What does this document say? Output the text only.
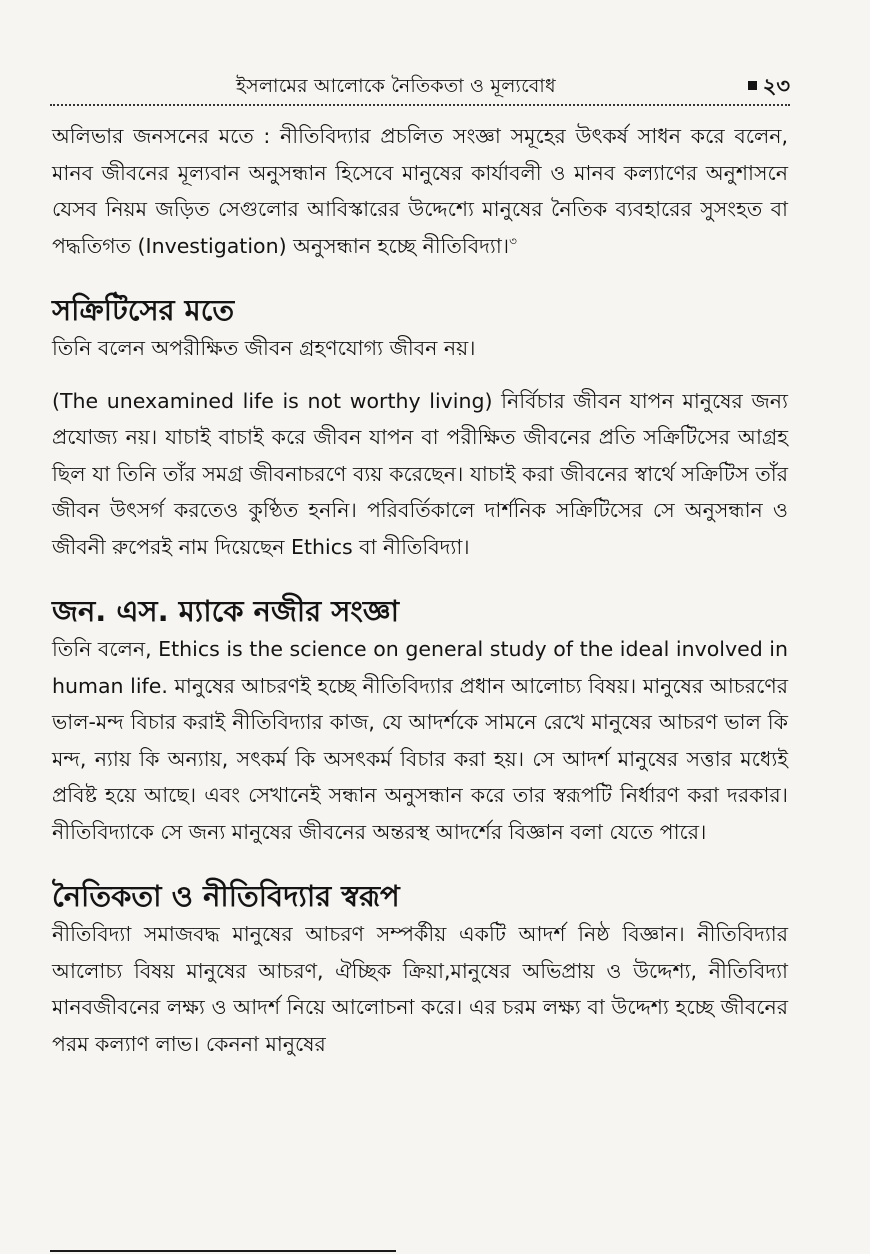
ইসলামের আলোকে নৈতিকতা ও মূল্যবোধ	২৩

অলিভার জনসনের মতে : নীতিবিদ্যার প্রচলিত সংজ্ঞা সমূহের উৎকর্ষ সাধন করে বলেন, মানব জীবনের মূল্যবান অনুসন্ধান হিসেবে মানুষের কার্যাবলী ও মানব কল্যাণের অনুশাসনে যেসব নিয়ম জড়িত সেগুলোর আবিস্কারের উদ্দেশ্যে মানুষের নৈতিক ব্যবহারের সুসংহত বা পদ্ধতিগত (Investigation) অনুসন্ধান হচ্ছে নীতিবিদ্যা।$^৩$

সক্রিটিসের মতে

তিনি বলেন অপরীক্ষিত জীবন গ্রহণযোগ্য জীবন নয়।

(The unexamined life is not worthy living) নির্বিচার জীবন যাপন মানুষের জন্য প্রযোজ্য নয়। যাচাই বাচাই করে জীবন যাপন বা পরীক্ষিত জীবনের প্রতি সক্রিটিসের আগ্রহ ছিল যা তিনি তাঁর সমগ্র জীবনাচরণে ব্যয় করেছেন। যাচাই করা জীবনের স্বার্থে সক্রিটিস তাঁর জীবন উৎসর্গ করতেও কুণ্ঠিত হননি। পরিবর্তিকালে দার্শনিক সক্রিটিসের সে অনুসন্ধান ও জীবনী রুপেরই নাম দিয়েছেন Ethics বা নীতিবিদ্যা।

জন. এস. ম্যাকে নজীর সংজ্ঞা

তিনি বলেন, Ethics is the science on general study of the ideal involved in human life. মানুষের আচরণই হচ্ছে নীতিবিদ্যার প্রধান আলোচ্য বিষয়। মানুষের আচরণের ভাল-মন্দ বিচার করাই নীতিবিদ্যার কাজ, যে আদর্শকে সামনে রেখে মানুষের আচরণ ভাল কি মন্দ, ন্যায় কি অন্যায়, সৎকর্ম কি অসৎকর্ম বিচার করা হয়। সে আদর্শ মানুষের সত্তার মধ্যেই প্রবিষ্ট হয়ে আছে। এবং সেখানেই সন্ধান অনুসন্ধান করে তার স্বরূপটি নির্ধারণ করা দরকার। নীতিবিদ্যাকে সে জন্য মানুষের জীবনের অন্তরস্থ আদর্শের বিজ্ঞান বলা যেতে পারে।

নৈতিকতা ও নীতিবিদ্যার স্বরূপ

নীতিবিদ্যা সমাজবদ্ধ মানুষের আচরণ সম্পর্কীয় একটি আদর্শ নিষ্ঠ বিজ্ঞান। নীতিবিদ্যার আলোচ্য বিষয় মানুষের আচরণ, ঐচ্ছিক ক্রিয়া,মানুষের অভিপ্রায় ও উদ্দেশ্য, নীতিবিদ্যা মানবজীবনের লক্ষ্য ও আদর্শ নিয়ে আলোচনা করে। এর চরম লক্ষ্য বা উদ্দেশ্য হচ্ছে জীবনের পরম কল্যাণ লাভ। কেননা মানুষের
